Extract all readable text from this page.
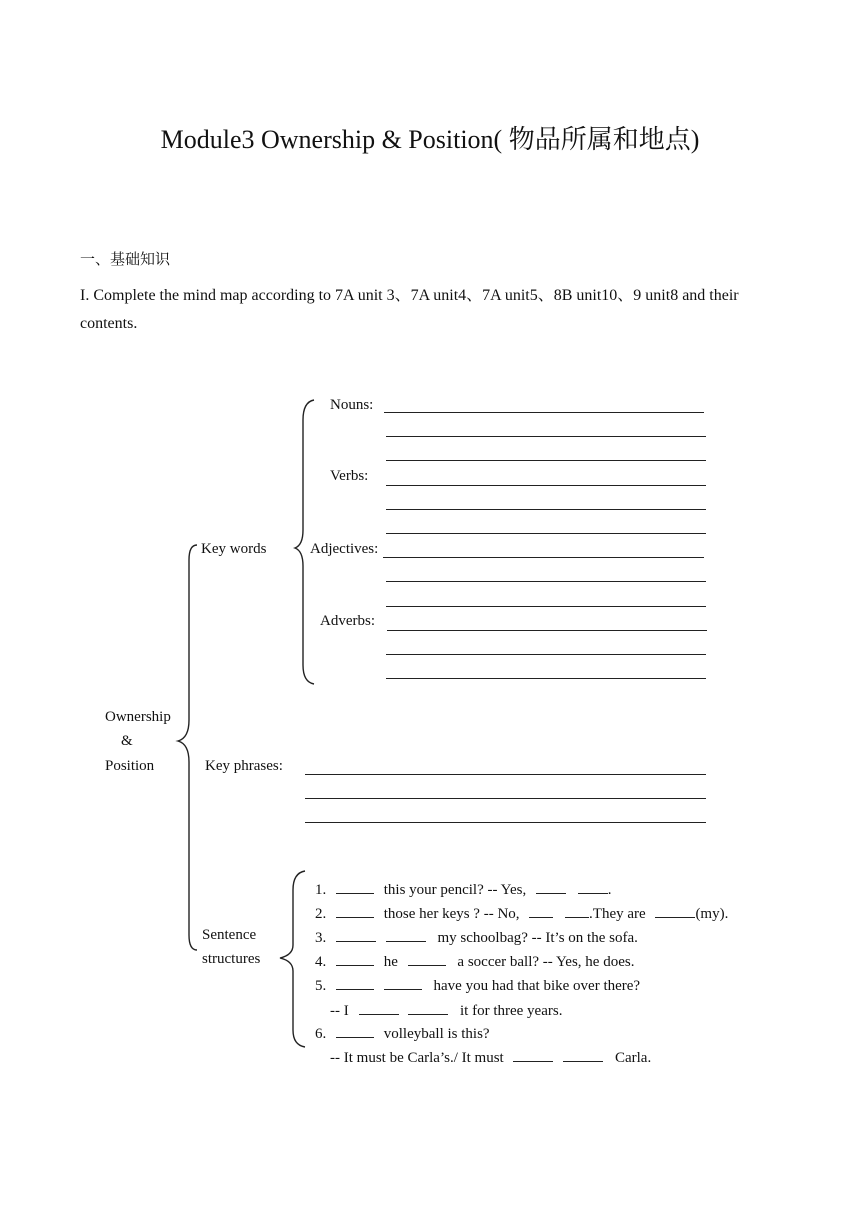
Module3 Ownership & Position( 物品所属和地点)
一、基础知识
I. Complete the mind map according to 7A unit 3、7A unit4、7A unit5、8B unit10、9 unit8 and their
contents.
Ownership
&
Position
Key words
Nouns:
Verbs:
Adjectives:
Adverbs:
Key phrases:
Sentence
structures
1.	this your pencil? -- Yes,	.
2.	those her keys ? -- No,	.They are	(my).
3.	my schoolbag? -- It’s on the sofa.
4.	he	a soccer ball? -- Yes, he does.
5.	have you had that bike over there?
-- I	it for three years.
6.	volleyball is this?
-- It must be Carla’s./ It must	Carla.
